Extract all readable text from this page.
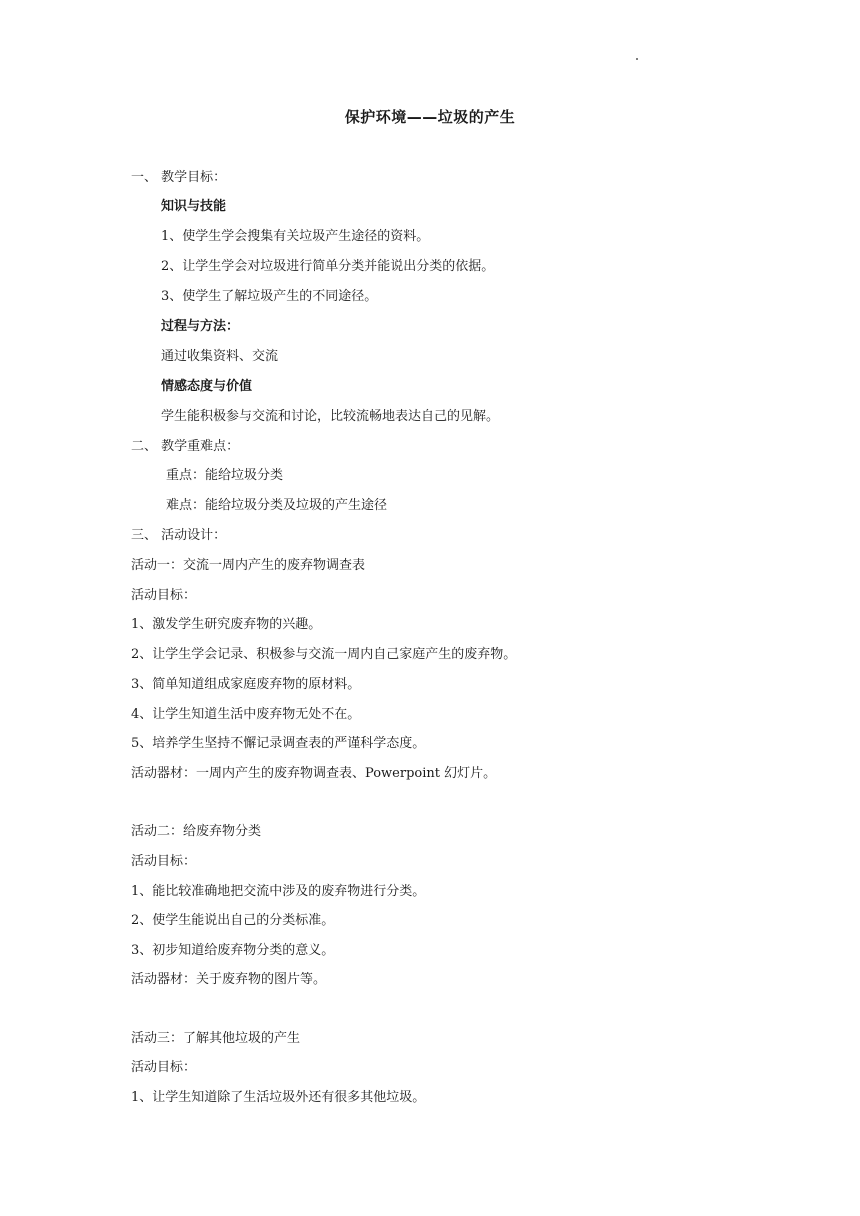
保护环境——垃圾的产生
一、 教学目标：
知识与技能
1、使学生学会搜集有关垃圾产生途径的资料。
2、让学生学会对垃圾进行简单分类并能说出分类的依据。
3、使学生了解垃圾产生的不同途径。
过程与方法：
通过收集资料、交流
情感态度与价值
学生能积极参与交流和讨论，比较流畅地表达自己的见解。
二、 教学重难点：
重点：能给垃圾分类
难点：能给垃圾分类及垃圾的产生途径
三、 活动设计：
活动一：交流一周内产生的废弃物调查表
活动目标：
1、激发学生研究废弃物的兴趣。
2、让学生学会记录、积极参与交流一周内自己家庭产生的废弃物。
3、简单知道组成家庭废弃物的原材料。
4、让学生知道生活中废弃物无处不在。
5、培养学生坚持不懈记录调查表的严谨科学态度。
活动器材：一周内产生的废弃物调查表、Powerpoint 幻灯片。
活动二：给废弃物分类
活动目标：
1、能比较准确地把交流中涉及的废弃物进行分类。
2、使学生能说出自己的分类标准。
3、初步知道给废弃物分类的意义。
活动器材：关于废弃物的图片等。
活动三：了解其他垃圾的产生
活动目标：
1、让学生知道除了生活垃圾外还有很多其他垃圾。
